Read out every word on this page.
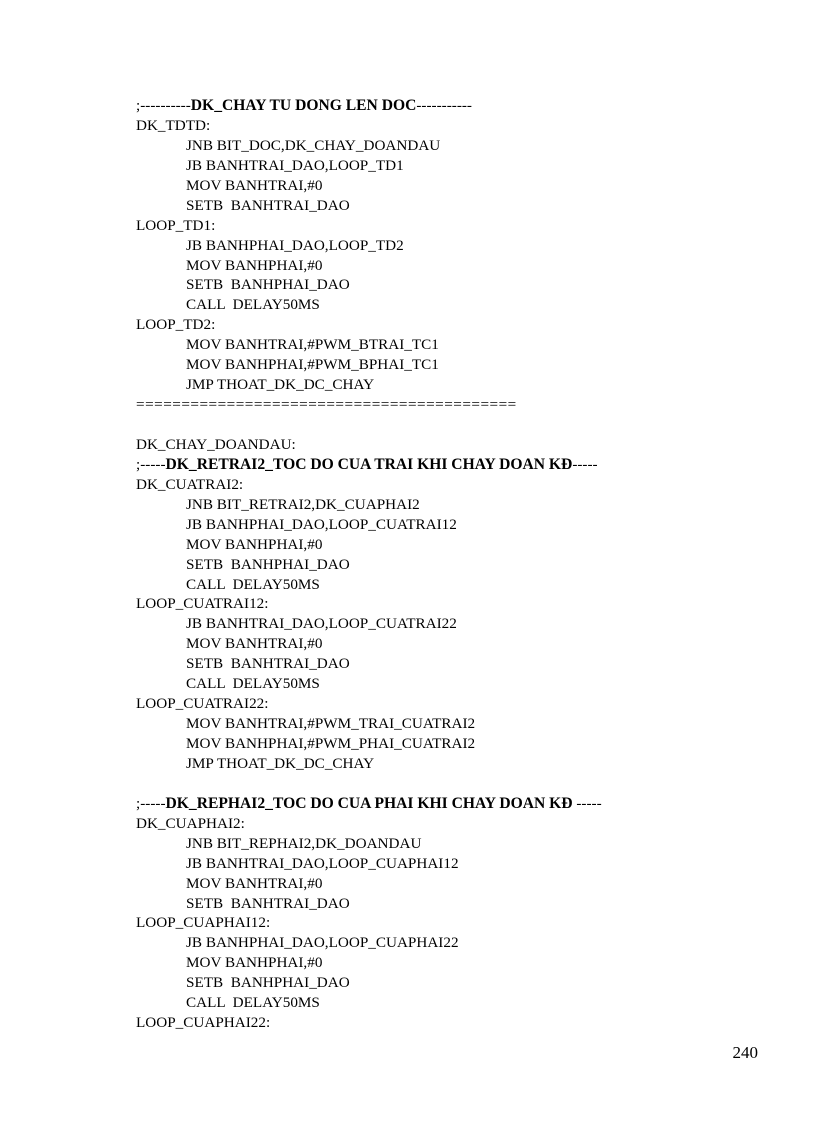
;----------DK_CHAY TU DONG LEN DOC-----------
DK_TDTD:
JNB BIT_DOC,DK_CHAY_DOANDAU
JB BANHTRAI_DAO,LOOP_TD1
MOV BANHTRAI,#0
SETB  BANHTRAI_DAO
LOOP_TD1:
JB BANHPHAI_DAO,LOOP_TD2
MOV BANHPHAI,#0
SETB  BANHPHAI_DAO
CALL  DELAY50MS
LOOP_TD2:
MOV BANHTRAI,#PWM_BTRAI_TC1
MOV BANHPHAI,#PWM_BPHAI_TC1
JMP THOAT_DK_DC_CHAY
==========================================
DK_CHAY_DOANDAU:
;-----DK_RETRAI2_TOC DO CUA TRAI KHI CHAY DOAN KĐ-----
DK_CUATRAI2:
JNB BIT_RETRAI2,DK_CUAPHAI2
JB BANHPHAI_DAO,LOOP_CUATRAI12
MOV BANHPHAI,#0
SETB  BANHPHAI_DAO
CALL  DELAY50MS
LOOP_CUATRAI12:
JB BANHTRAI_DAO,LOOP_CUATRAI22
MOV BANHTRAI,#0
SETB  BANHTRAI_DAO
CALL  DELAY50MS
LOOP_CUATRAI22:
MOV BANHTRAI,#PWM_TRAI_CUATRAI2
MOV BANHPHAI,#PWM_PHAI_CUATRAI2
JMP THOAT_DK_DC_CHAY
;-----DK_REPHAI2_TOC DO CUA PHAI KHI CHAY DOAN KĐ -----
DK_CUAPHAI2:
JNB BIT_REPHAI2,DK_DOANDAU
JB BANHTRAI_DAO,LOOP_CUAPHAI12
MOV BANHTRAI,#0
SETB  BANHTRAI_DAO
LOOP_CUAPHAI12:
JB BANHPHAI_DAO,LOOP_CUAPHAI22
MOV BANHPHAI,#0
SETB  BANHPHAI_DAO
CALL  DELAY50MS
LOOP_CUAPHAI22:
240
